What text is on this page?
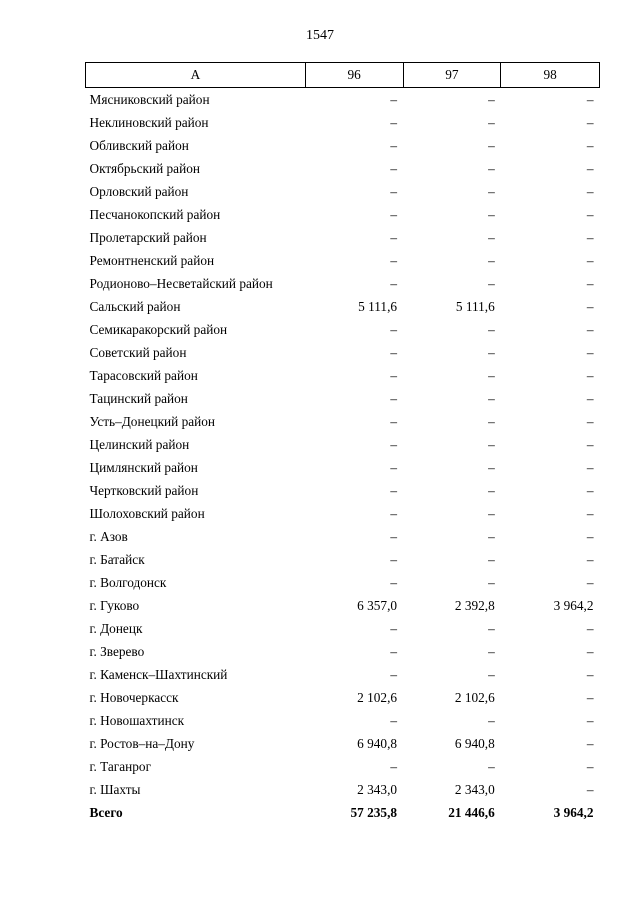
1547
А	96	97	98
Мясниковский район	–	–	–
Неклиновский район	–	–	–
Обливский район	–	–	–
Октябрьский район	–	–	–
Орловский район	–	–	–
Песчанокопский район	–	–	–
Пролетарский район	–	–	–
Ремонтненский район	–	–	–
Родионово–Несветайский район	–	–	–
Сальский район	5 111,6	5 111,6	–
Семикаракорский район	–	–	–
Советский район	–	–	–
Тарасовский район	–	–	–
Тацинский район	–	–	–
Усть–Донецкий район	–	–	–
Целинский район	–	–	–
Цимлянский район	–	–	–
Чертковский район	–	–	–
Шолоховский район	–	–	–
г. Азов	–	–	–
г. Батайск	–	–	–
г. Волгодонск	–	–	–
г. Гуково	6 357,0	2 392,8	3 964,2
г. Донецк	–	–	–
г. Зверево	–	–	–
г. Каменск–Шахтинский	–	–	–
г. Новочеркасск	2 102,6	2 102,6	–
г. Новошахтинск	–	–	–
г. Ростов–на–Дону	6 940,8	6 940,8	–
г. Таганрог	–	–	–
г. Шахты	2 343,0	2 343,0	–
Всего	57 235,8	21 446,6	3 964,2
